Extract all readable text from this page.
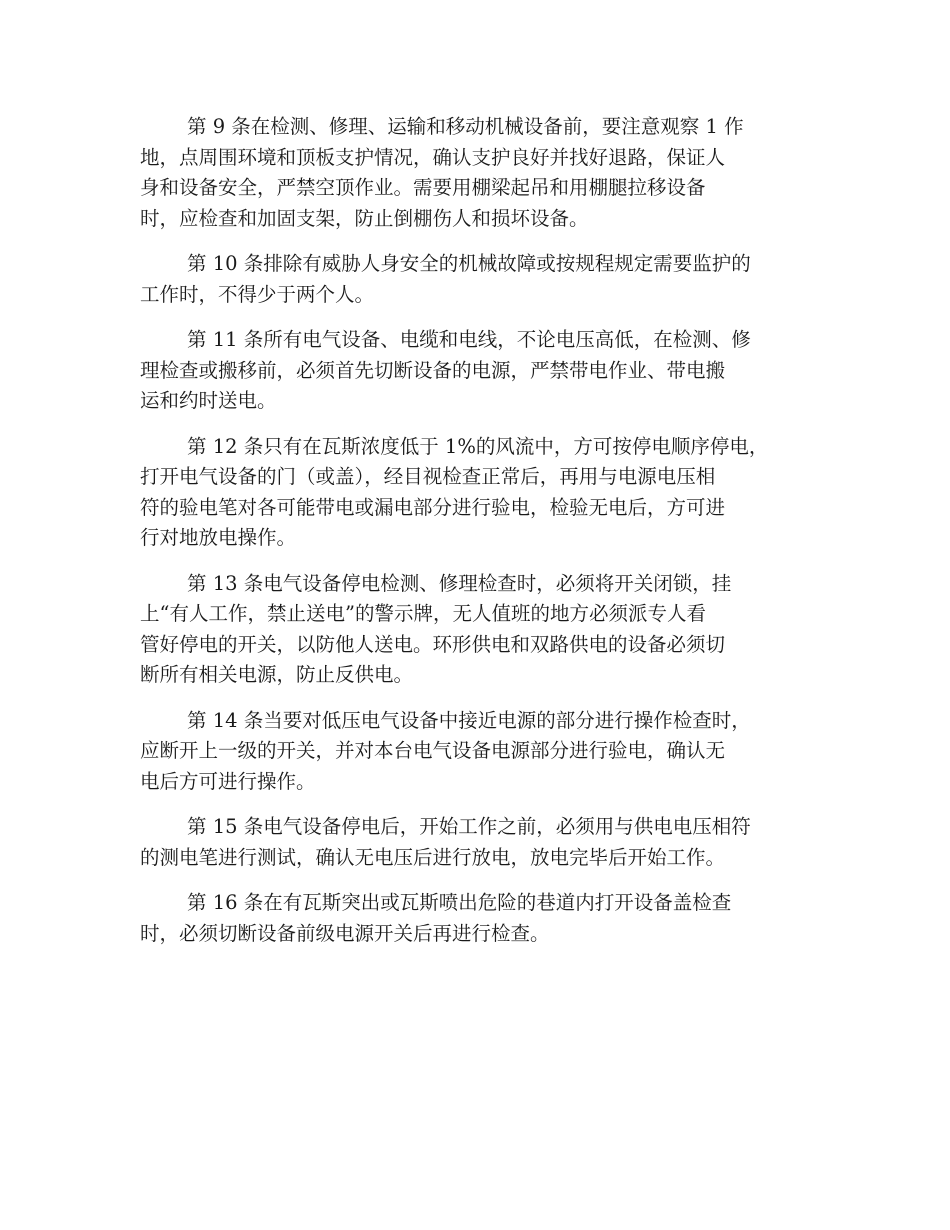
第 9 条在检测、修理、运输和移动机械设备前，要注意观察 1 作
地，点周围环境和顶板支护情况，确认支护良好并找好退路，保证人
身和设备安全，严禁空顶作业。需要用棚梁起吊和用棚腿拉移设备
时，应检查和加固支架，防止倒棚伤人和损坏设备。

第 10 条排除有威胁人身安全的机械故障或按规程规定需要监护的
工作时，不得少于两个人。

第 11 条所有电气设备、电缆和电线，不论电压高低，在检测、修
理检查或搬移前，必须首先切断设备的电源，严禁带电作业、带电搬
运和约时送电。

第 12 条只有在瓦斯浓度低于 1%的风流中，方可按停电顺序停电，
打开电气设备的门（或盖），经目视检查正常后，再用与电源电压相
符的验电笔对各可能带电或漏电部分进行验电，检验无电后，方可进
行对地放电操作。

第 13 条电气设备停电检测、修理检查时，必须将开关闭锁，挂
上“有人工作，禁止送电”的警示牌，无人值班的地方必须派专人看
管好停电的开关，以防他人送电。环形供电和双路供电的设备必须切
断所有相关电源，防止反供电。

第 14 条当要对低压电气设备中接近电源的部分进行操作检查时，
应断开上一级的开关，并对本台电气设备电源部分进行验电，确认无
电后方可进行操作。

第 15 条电气设备停电后，开始工作之前，必须用与供电电压相符
的测电笔进行测试，确认无电压后进行放电，放电完毕后开始工作。

第 16 条在有瓦斯突出或瓦斯喷出危险的巷道内打开设备盖检查
时，必须切断设备前级电源开关后再进行检查。
